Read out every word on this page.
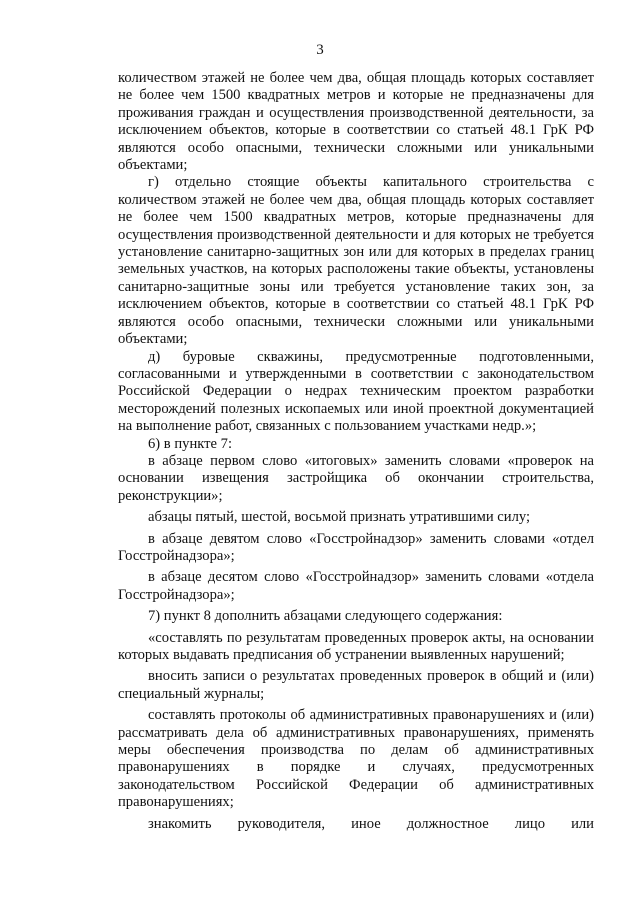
3

количеством этажей не более чем два, общая площадь которых составляет не более чем 1500 квадратных метров и которые не предназначены для проживания граждан и осуществления производственной деятельности, за исключением объектов, которые в соответствии со статьей 48.1 ГрК РФ являются особо опасными, технически сложными или уникальными объектами;

г) отдельно стоящие объекты капитального строительства с количеством этажей не более чем два, общая площадь которых составляет не более чем 1500 квадратных метров, которые предназначены для осуществления производственной деятельности и для которых не требуется установление санитарно-защитных зон или для которых в пределах границ земельных участков, на которых расположены такие объекты, установлены санитарно-защитные зоны или требуется установление таких зон, за исключением объектов, которые в соответствии со статьей 48.1 ГрК РФ являются особо опасными, технически сложными или уникальными объектами;

д) буровые скважины, предусмотренные подготовленными, согласованными и утвержденными в соответствии с законодательством Российской Федерации о недрах техническим проектом разработки месторождений полезных ископаемых или иной проектной документацией на выполнение работ, связанных с пользованием участками недр.»;

6) в пункте 7:

в абзаце первом слово «итоговых» заменить словами «проверок на основании извещения застройщика об окончании строительства, реконструкции»;

абзацы пятый, шестой, восьмой признать утратившими силу;

в абзаце девятом слово «Госстройнадзор» заменить словами «отдел Госстройнадзора»;

в абзаце десятом слово «Госстройнадзор» заменить словами «отдела Госстройнадзора»;

7) пункт 8 дополнить абзацами следующего содержания:

«составлять по результатам проведенных проверок акты, на основании которых выдавать предписания об устранении выявленных нарушений;

вносить записи о результатах проведенных проверок в общий и (или) специальный журналы;

составлять протоколы об административных правонарушениях и (или) рассматривать дела об административных правонарушениях, применять меры обеспечения производства по делам об административных правонарушениях в порядке и случаях, предусмотренных законодательством Российской Федерации об административных правонарушениях;

знакомить руководителя, иное должностное лицо или
